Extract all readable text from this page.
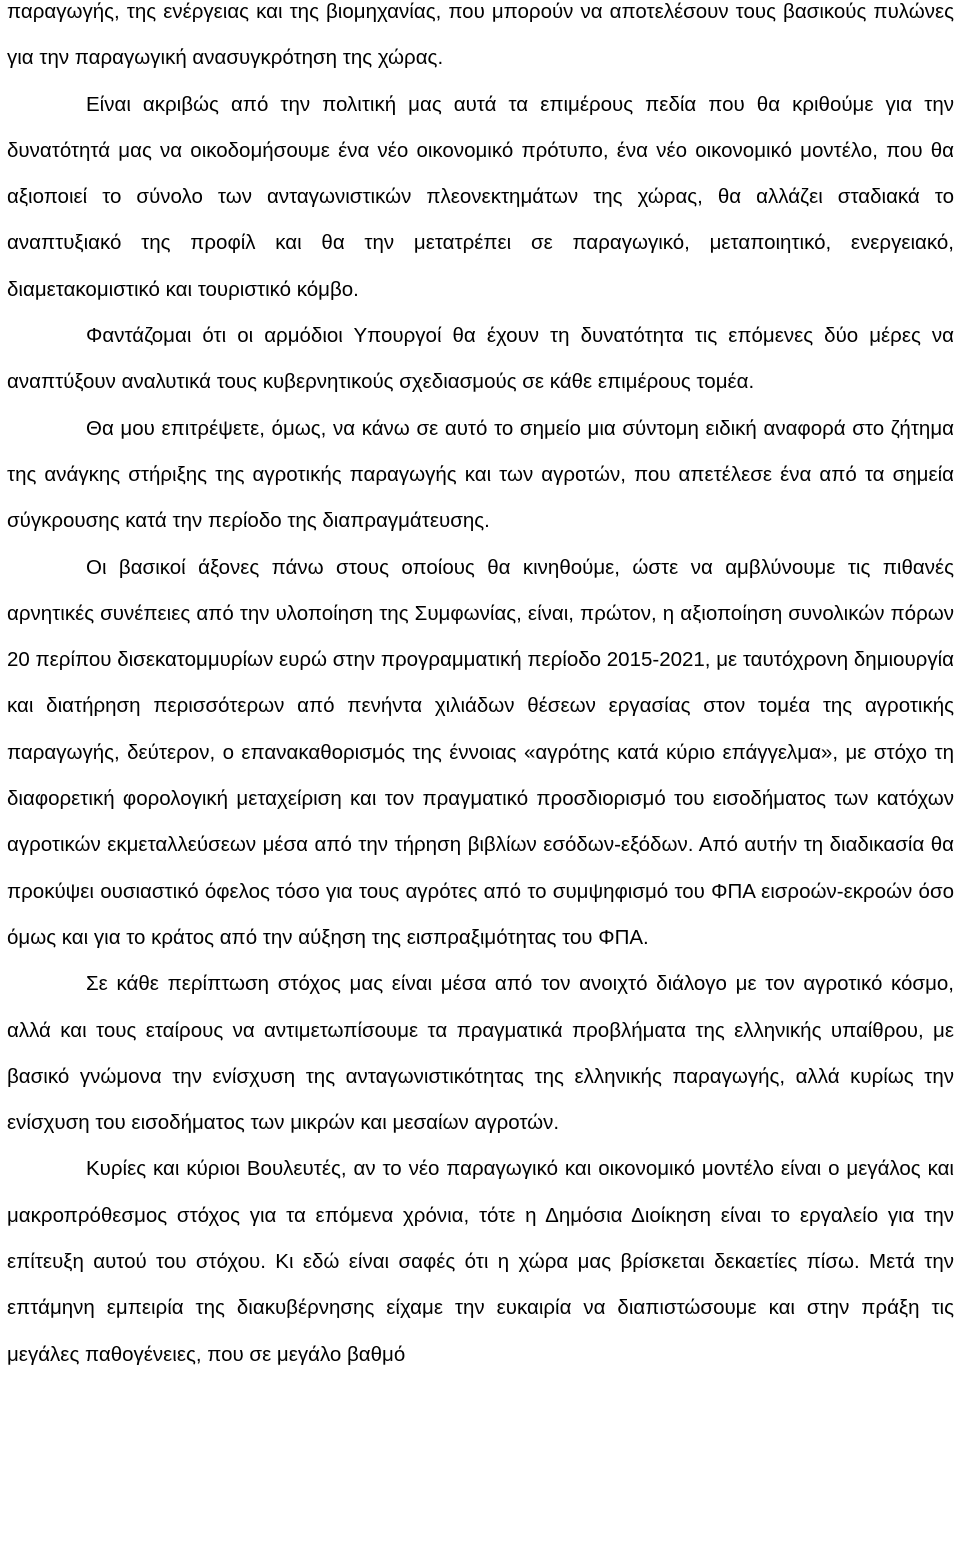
παραγωγής, της ενέργειας και της βιομηχανίας, που μπορούν να αποτελέσουν τους βασικούς πυλώνες για την παραγωγική ανασυγκρότηση της χώρας.

Είναι ακριβώς από την πολιτική μας αυτά τα επιμέρους πεδία που θα κριθούμε για την δυνατότητά μας να οικοδομήσουμε ένα νέο οικονομικό πρότυπο, ένα νέο οικονομικό μοντέλο, που θα αξιοποιεί το σύνολο των ανταγωνιστικών πλεονεκτημάτων της χώρας, θα αλλάζει σταδιακά το αναπτυξιακό της προφίλ και θα την μετατρέπει σε παραγωγικό, μεταποιητικό, ενεργειακό, διαμετακομιστικό και τουριστικό κόμβο.

Φαντάζομαι ότι οι αρμόδιοι Υπουργοί θα έχουν τη δυνατότητα τις επόμενες δύο μέρες να αναπτύξουν αναλυτικά τους κυβερνητικούς σχεδιασμούς σε κάθε επιμέρους τομέα.

Θα μου επιτρέψετε, όμως, να κάνω σε αυτό το σημείο μια σύντομη ειδική αναφορά στο ζήτημα της ανάγκης στήριξης της αγροτικής παραγωγής και των αγροτών, που απετέλεσε ένα από τα σημεία σύγκρουσης κατά την περίοδο της διαπραγμάτευσης.

Οι βασικοί άξονες πάνω στους οποίους θα κινηθούμε, ώστε να αμβλύνουμε τις πιθανές αρνητικές συνέπειες από την υλοποίηση της Συμφωνίας, είναι, πρώτον, η αξιοποίηση συνολικών πόρων 20 περίπου δισεκατομμυρίων ευρώ στην προγραμματική περίοδο 2015-2021, με ταυτόχρονη δημιουργία και διατήρηση περισσότερων από πενήντα χιλιάδων θέσεων εργασίας στον τομέα της αγροτικής παραγωγής, δεύτερον, ο επανακαθορισμός της έννοιας «αγρότης κατά κύριο επάγγελμα», με στόχο τη διαφορετική φορολογική μεταχείριση και τον πραγματικό προσδιορισμό του εισοδήματος των κατόχων αγροτικών εκμεταλλεύσεων μέσα από την τήρηση βιβλίων εσόδων-εξόδων. Από αυτήν τη διαδικασία θα προκύψει ουσιαστικό όφελος τόσο για τους αγρότες από το συμψηφισμό του ΦΠΑ εισροών-εκροών όσο όμως και για το κράτος από την αύξηση της εισπραξιμότητας του ΦΠΑ.

Σε κάθε περίπτωση στόχος μας είναι μέσα από τον ανοιχτό διάλογο με τον αγροτικό κόσμο, αλλά και τους εταίρους να αντιμετωπίσουμε τα πραγματικά προβλήματα της ελληνικής υπαίθρου, με βασικό γνώμονα την ενίσχυση της ανταγωνιστικότητας της ελληνικής παραγωγής, αλλά κυρίως την ενίσχυση του εισοδήματος των μικρών και μεσαίων αγροτών.

Κυρίες και κύριοι Βουλευτές, αν το νέο παραγωγικό και οικονομικό μοντέλο είναι ο μεγάλος και μακροπρόθεσμος στόχος για τα επόμενα χρόνια, τότε η Δημόσια Διοίκηση είναι το εργαλείο για την επίτευξη αυτού του στόχου. Κι εδώ είναι σαφές ότι η χώρα μας βρίσκεται δεκαετίες πίσω. Μετά την επτάμηνη εμπειρία της διακυβέρνησης είχαμε την ευκαιρία να διαπιστώσουμε και στην πράξη τις μεγάλες παθογένειες, που σε μεγάλο βαθμό
